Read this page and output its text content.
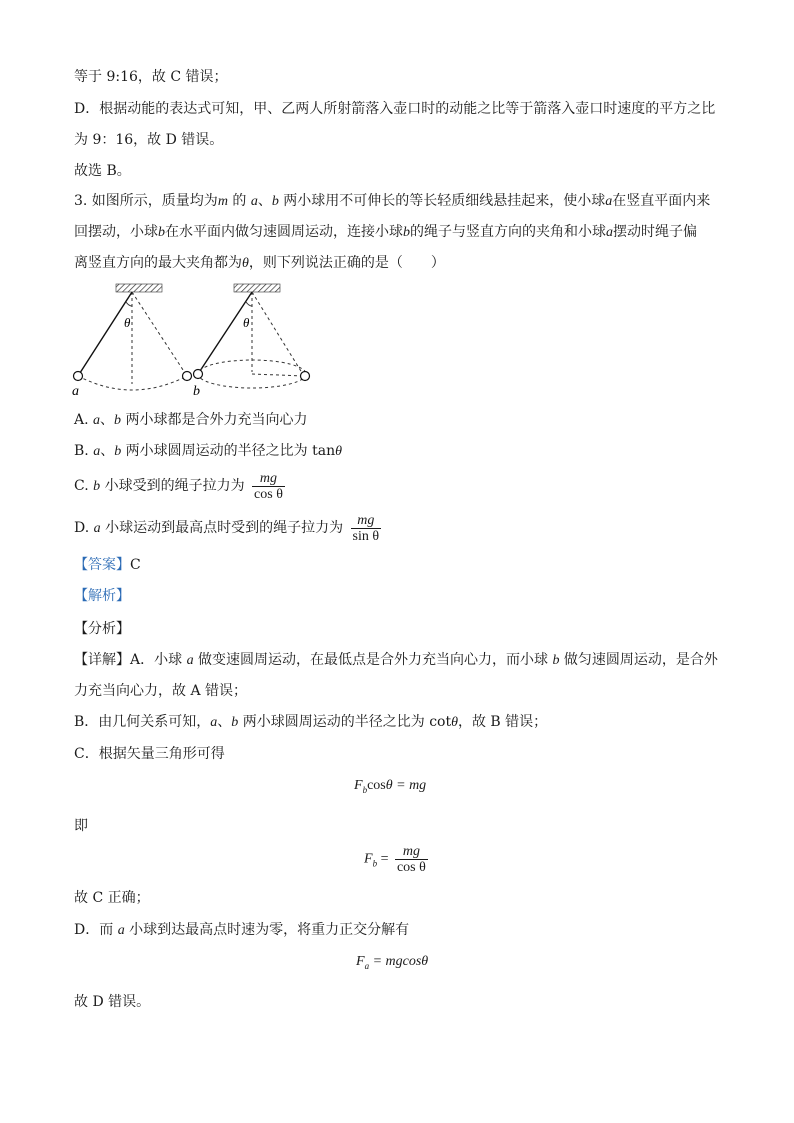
等于 9:16，故 C 错误；
D．根据动能的表达式可知，甲、乙两人所射箭落入壶口时的动能之比等于箭落入壶口时速度的平方之比
为 9：16，故 D 错误。
故选 B。
3. 如图所示，质量均为m 的 a、b 两小球用不可伸长的等长轻质细线悬挂起来，使小球a在竖直平面内来
回摆动，小球b在水平面内做匀速圆周运动，连接小球b的绳子与竖直方向的夹角和小球a摆动时绳子偏
离竖直方向的最大夹角都为θ，则下列说法正确的是（　　）
θ
a
θ
b
A. a、b 两小球都是合外力充当向心力
B. a、b 两小球圆周运动的半径之比为 tanθ
C. b 小球受到的绳子拉力为 $\frac{mg}{\text{cos θ}}$
D. a 小球运动到最高点时受到的绳子拉力为 $\frac{mg}{\text{sin θ}}$
【答案】C
【解析】
【分析】
【详解】A．小球 a 做变速圆周运动，在最低点是合外力充当向心力，而小球 b 做匀速圆周运动，是合外
力充当向心力，故 A 错误；
B．由几何关系可知，a、b 两小球圆周运动的半径之比为 cotθ，故 B 错误；
C．根据矢量三角形可得
$F_b\cos\theta$ = mg
即
$F_b = \frac{mg}{\text{cos θ}}$
故 C 正确；
D．而 a 小球到达最高点时速为零，将重力正交分解有
$F_a = mgcos\theta$
故 D 错误。
